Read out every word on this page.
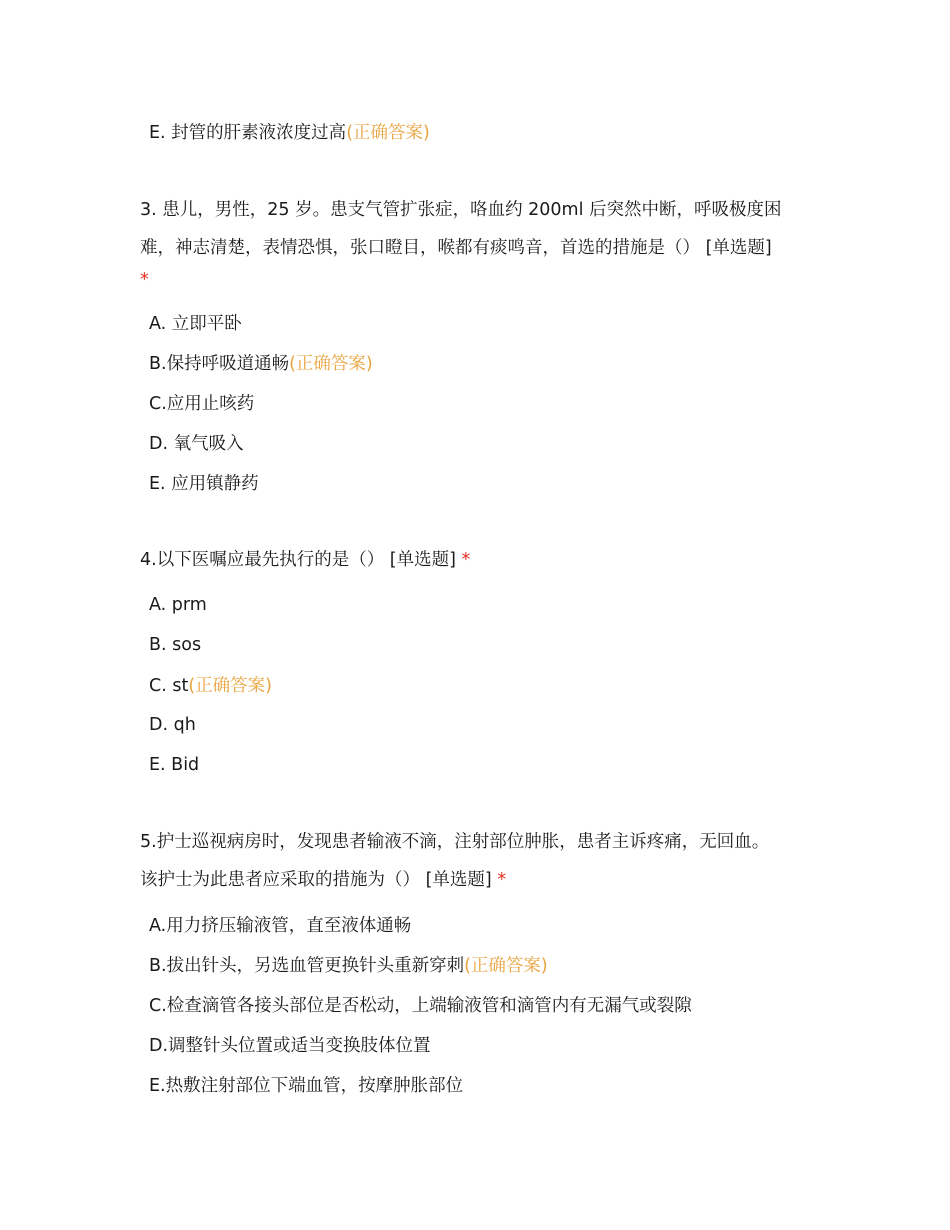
E. 封管的肝素液浓度过高(正确答案)
3. 患儿，男性，25 岁。患支气管扩张症，咯血约 200ml 后突然中断，呼吸极度困
难，神志清楚，表情恐惧，张口瞪目，喉都有痰鸣音，首选的措施是（） [单选题]
*
A. 立即平卧
B.保持呼吸道通畅(正确答案)
C.应用止咳药
D. 氧气吸入
E. 应用镇静药
4.以下医嘱应最先执行的是（） [单选题] *
A. prm
B. sos
C. st(正确答案)
D. qh
E. Bid
5.护士巡视病房时，发现患者输液不滴，注射部位肿胀，患者主诉疼痛，无回血。
该护士为此患者应采取的措施为（） [单选题] *
A.用力挤压输液管，直至液体通畅
B.拔出针头，另选血管更换针头重新穿刺(正确答案)
C.检查滴管各接头部位是否松动，上端输液管和滴管内有无漏气或裂隙
D.调整针头位置或适当变换肢体位置
E.热敷注射部位下端血管，按摩肿胀部位
